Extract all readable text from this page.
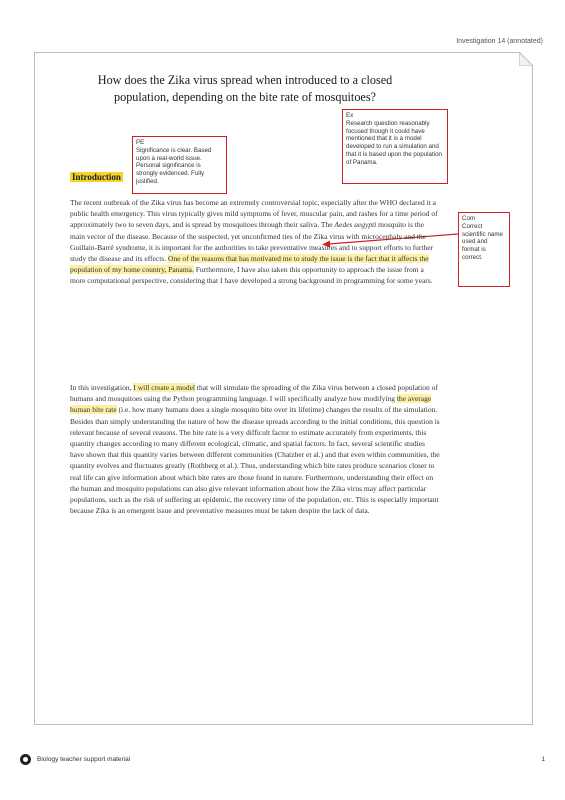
Investigation 14 (annotated)
How does the Zika virus spread when introduced to a closed
population, depending on the bite rate of mosquitoes?
Ex
Research question reasonably focused though it could have mentioned that it is a model developed to run a simulation and that it is based upon the population of Panama.
PE
Significance is clear. Based upon a real-world issue. Personal significance is strongly evidenced. Fully justified.
Com
Correct scientific name used and format is correct.
Introduction
The recent outbreak of the Zika virus has become an extremely controversial topic, especially after the WHO declared it a public health emergency. This virus typically gives mild symptoms of fever, muscular pain, and rashes for a time period of approximately two to seven days, and is spread by mosquitoes through their saliva. The Aedes aegypti mosquito is the main vector of the disease. Because of the suspected, yet unconfirmed ties of the Zika virus with microcephaly and the Guillain-Barré syndrome, it is important for the authorities to take preventative measures and to support efforts to further study the disease and its effects. One of the reasons that has motivated me to study the issue is the fact that it affects the population of my home country, Panama. Furthermore, I have also taken this opportunity to approach the issue from a more computational perspective, considering that I have developed a strong background in programming for some years.
In this investigation, I will create a model that will simulate the spreading of the Zika virus between a closed population of humans and mosquitoes using the Python programming language. I will specifically analyze how modifying the average human bite rate (i.e. how many humans does a single mosquito bite over its lifetime) changes the results of the simulation. Besides than simply understanding the nature of how the disease spreads according to the initial conditions, this question is relevant because of several reasons. The bite rate is a very difficult factor to estimate accurately from experiments, this quantity changes according to many different ecological, climatic, and spatial factors. In fact, several scientific studies have shown that this quantity varies between different communities (Chatzber et al.) and that even within communities, the quantity evolves and fluctuates greatly (Rothberg et al.). Thus, understanding which bite rates produce scenarios closer to real life can give information about which bite rates are those found in nature. Furthermore, understanding their effect on the human and mosquito populations can also give relevant information about how the Zika virus may affect particular populations, such as the risk of suffering an epidemic, the recovery time of the population, etc. This is especially important because Zika is an emergent issue and preventative measures must be taken despite the lack of data.
Biology teacher support material	1
